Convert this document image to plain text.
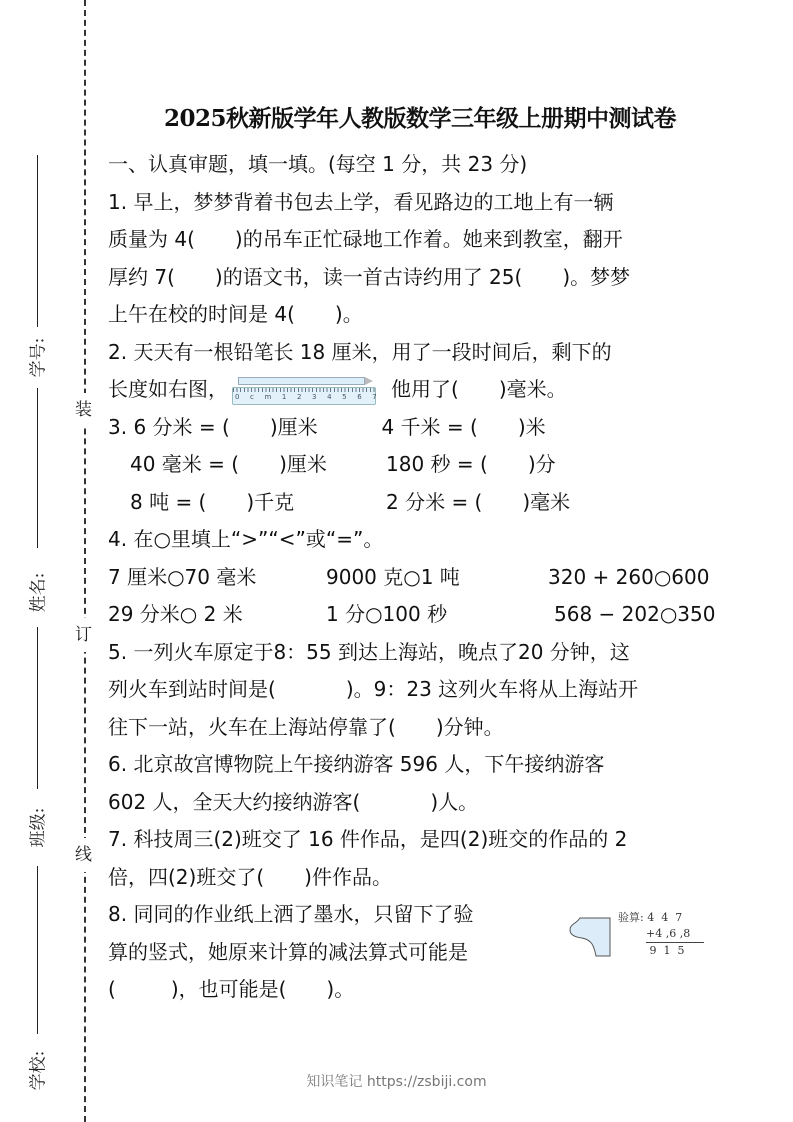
装
订
线
学号:
姓名:
班级:
学校:
2025秋新版学年人教版数学三年级上册期中测试卷
一、认真审题，填一填。(每空 1 分，共 23 分)
1. 早上，梦梦背着书包去上学，看见路边的工地上有一辆
质量为 4( )的吊车正忙碌地工作着。她来到教室，翻开
厚约 7( )的语文书，读一首古诗约用了 25( )。梦梦
上午在校的时间是 4( )。
2. 天天有一根铅笔长 18 厘米，用了一段时间后，剩下的
长度如右图， 0cm1234567 他用了( )毫米。
3. 6 分米 = ( )厘米	4 千米 = ( )米
40 毫米 = ( )厘米	180 秒 = ( )分
8 吨 = ( )千克	2 分米 = ( )毫米
4. 在○里填上“>”“<”或“=”。
7 厘米○70 毫米	9000 克○1 吨	320 + 260○600
29 分米○ 2 米	1 分○100 秒	568 − 202○350
5. 一列火车原定于8：55 到达上海站，晚点了20 分钟，这
列火车到站时间是(	)。9：23 这列火车将从上海站开
往下一站，火车在上海站停靠了( )分钟。
6. 北京故宫博物院上午接纳游客 596 人，下午接纳游客
602 人，全天大约接纳游客(	)人。
7. 科技周三(2)班交了 16 件作品，是四(2)班交的作品的 2
倍，四(2)班交了( )件作品。
8. 同同的作业纸上洒了墨水，只留下了验
算的竖式，她原来计算的减法算式可能是
(	)，也可能是( )。
验算: 4  4  7
+4 ,6 ,8
9  1  5
知识笔记 https://zsbiji.com
